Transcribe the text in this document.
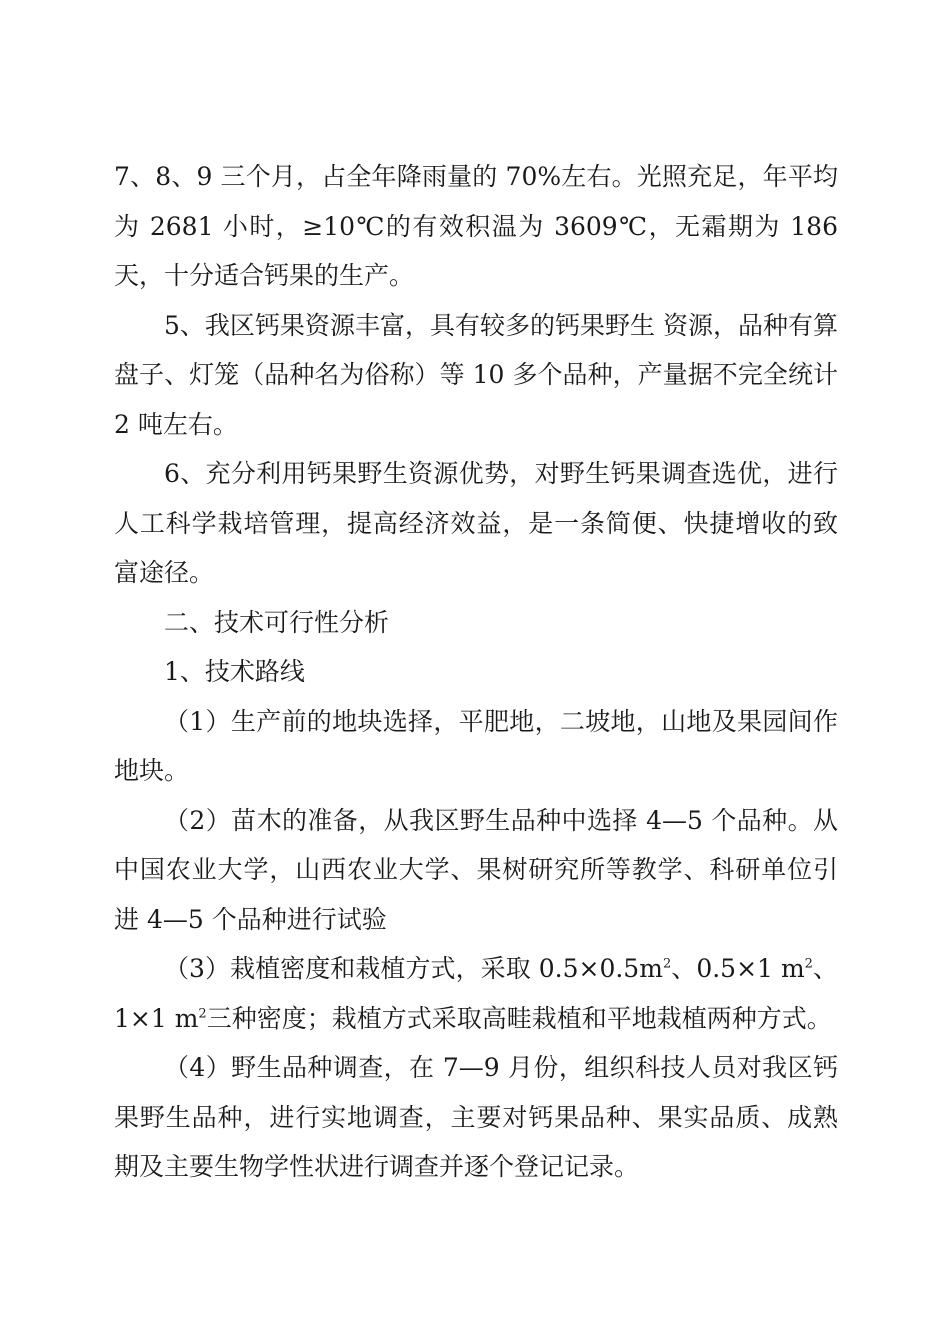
7、8、9 三个月，占全年降雨量的 70%左右。光照充足，年平均为 2681 小时，≥10℃的有效积温为 3609℃，无霜期为 186 天，十分适合钙果的生产。

5、我区钙果资源丰富，具有较多的钙果野生 资源，品种有算盘子、灯笼（品种名为俗称）等 10 多个品种，产量据不完全统计 2 吨左右。

6、充分利用钙果野生资源优势，对野生钙果调查选优，进行人工科学栽培管理，提高经济效益，是一条简便、快捷增收的致富途径。

二、技术可行性分析

1、技术路线

（1）生产前的地块选择，平肥地，二坡地，山地及果园间作地块。

（2）苗木的准备，从我区野生品种中选择 4—5 个品种。从中国农业大学，山西农业大学、果树研究所等教学、科研单位引进 4—5 个品种进行试验

（3）栽植密度和栽植方式，采取 $0.5\times 0.5m^2$、0.5×1 $m^2$、1×1 $m^2$三种密度；栽植方式采取高畦栽植和平地栽植两种方式。

（4）野生品种调查，在 7—9 月份，组织科技人员对我区钙果野生品种，进行实地调查，主要对钙果品种、果实品质、成熟期及主要生物学性状进行调查并逐个登记记录。
